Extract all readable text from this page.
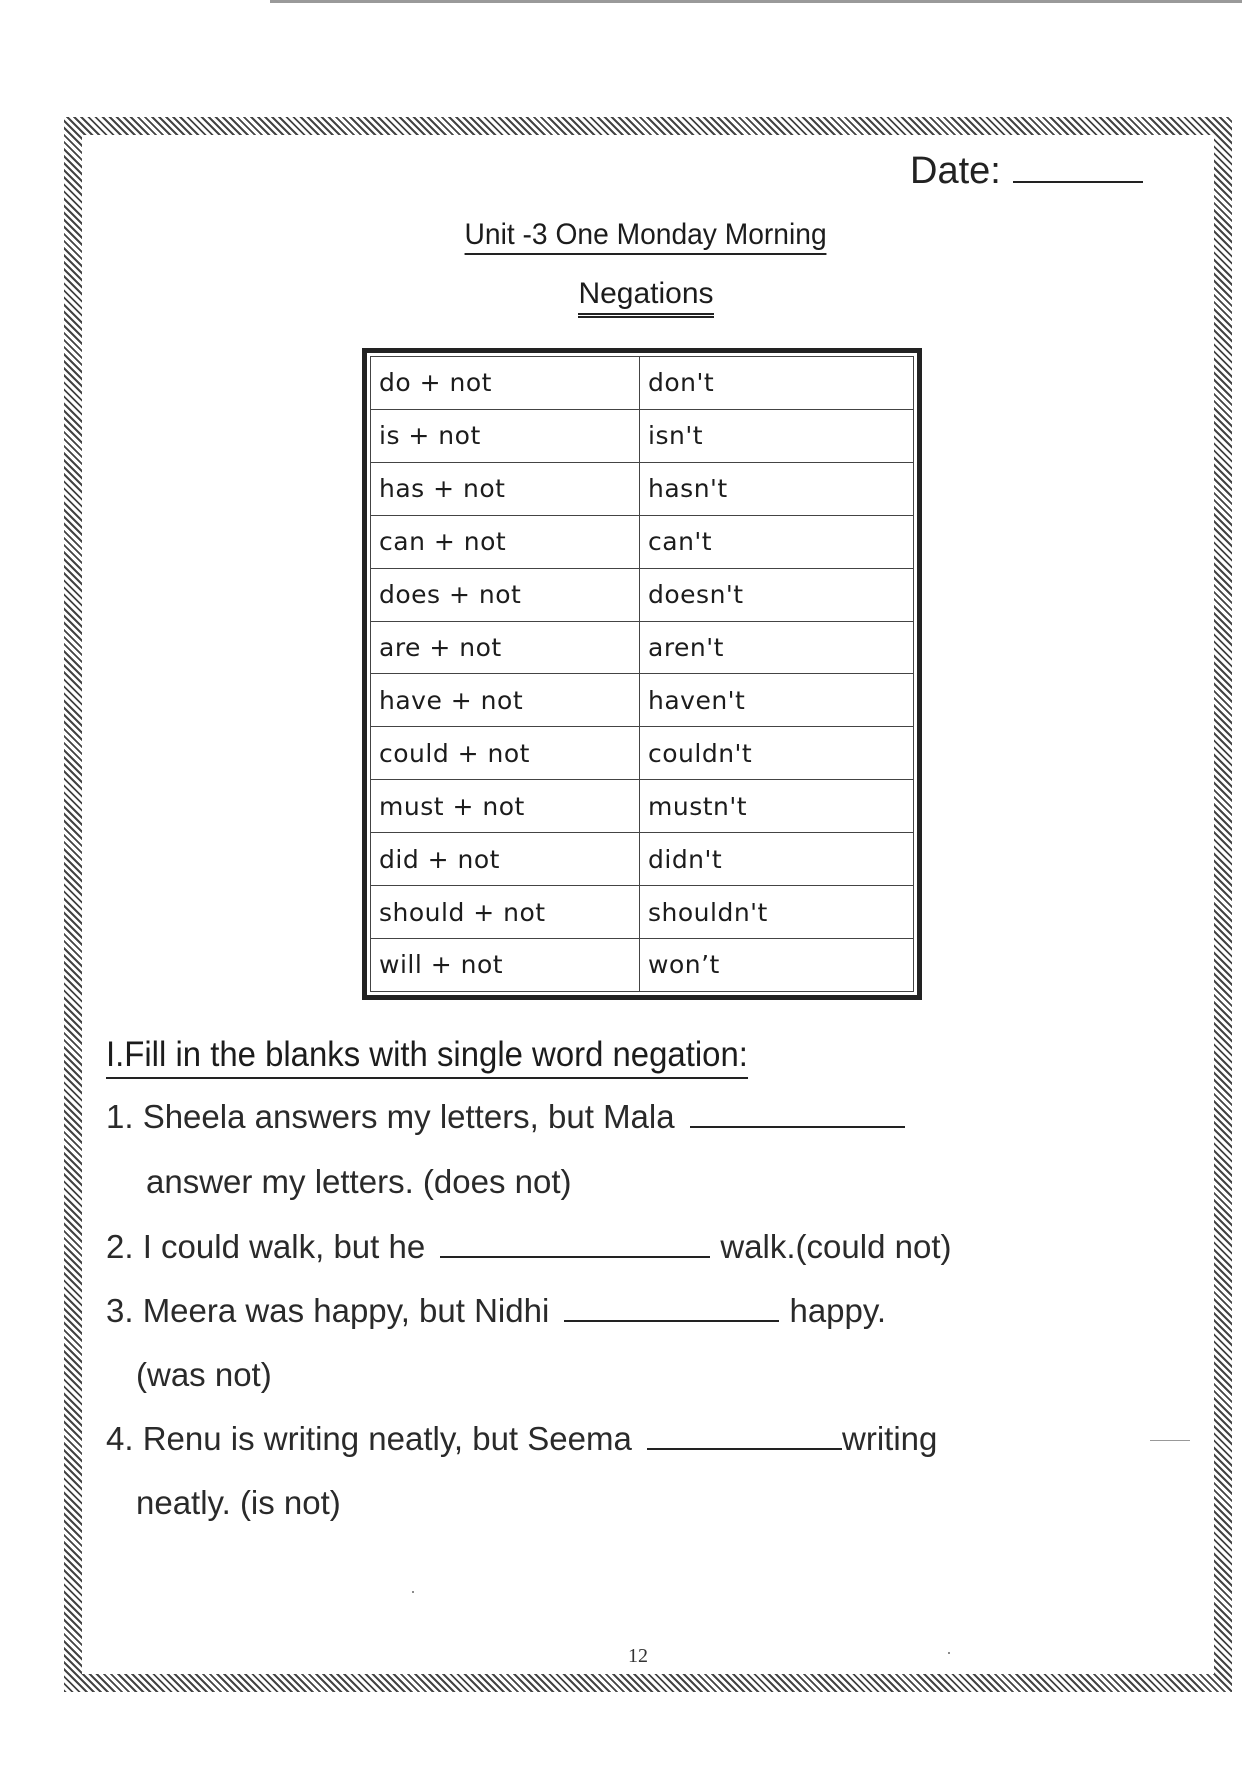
Date:
Unit -3 One Monday Morning
Negations
do + not	don't
is + not	isn't
has + not	hasn't
can + not	can't
does + not	doesn't
are + not	aren't
have + not	haven't
could + not	couldn't
must + not	mustn't
did + not	didn't
should + not	shouldn't
will + not	won’t
I.Fill in the blanks with single word negation:
1. Sheela answers my letters, but Mala
answer my letters. (does not)
2. I could walk, but he	walk.(could not)
3. Meera was happy, but Nidhi	happy.
(was not)
4. Renu is writing neatly, but Seema	writing
neatly. (is not)
12
